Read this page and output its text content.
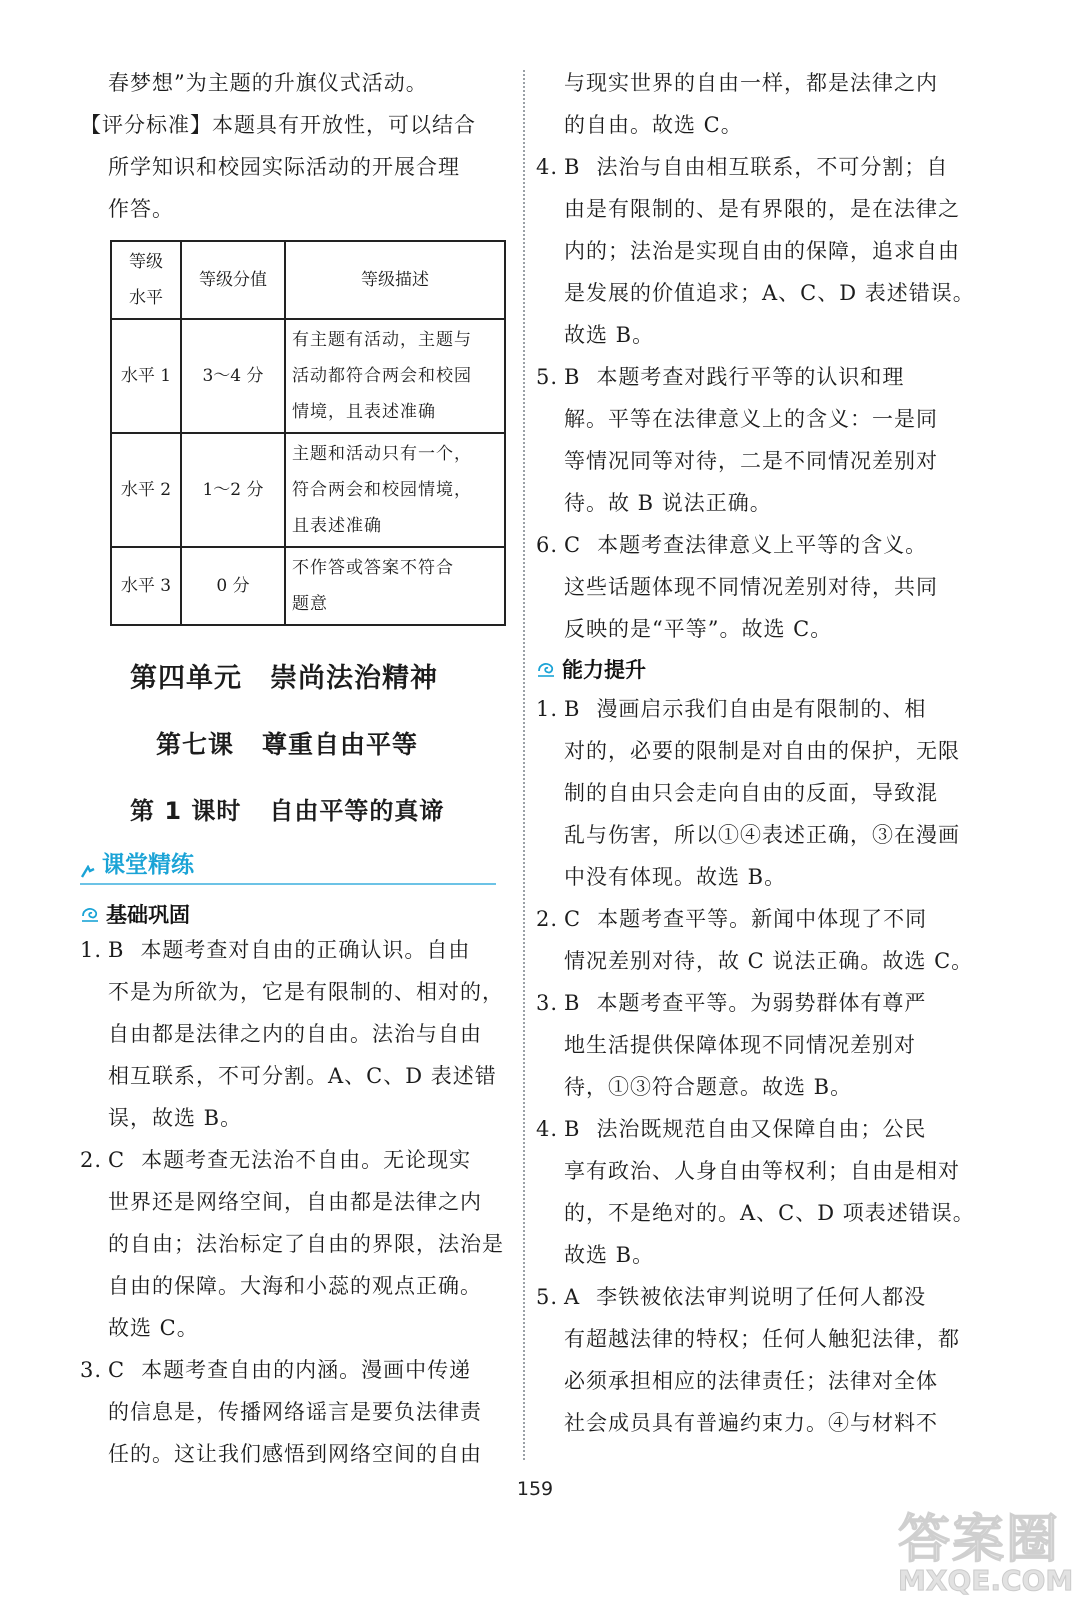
春梦想”为主题的升旗仪式活动。

【评分标准】本题具有开放性，可以结合

所学知识和校园实际活动的开展合理

作答。

等级
水平	等级分值	等级描述
水平 1	3～4 分	有主题有活动，主题与
活动都符合两会和校园
情境，且表述准确
水平 2	1～2 分	主题和活动只有一个，
符合两会和校园情境，
且表述准确
水平 3	0 分	不作答或答案不符合
题意
第四单元 崇尚法治精神
第七课 尊重自由平等
第 1 课时 自由平等的真谛
课堂精练
基础巩固

1. B 本题考查对自由的正确认识。自由

不是为所欲为，它是有限制的、相对的，

自由都是法律之内的自由。法治与自由

相互联系，不可分割。A、C、D 表述错

误，故选 B。

2. C 本题考查无法治不自由。无论现实

世界还是网络空间，自由都是法律之内

的自由；法治标定了自由的界限，法治是

自由的保障。大海和小蕊的观点正确。

故选 C。

3. C 本题考查自由的内涵。漫画中传递

的信息是，传播网络谣言是要负法律责

任的。这让我们感悟到网络空间的自由

与现实世界的自由一样，都是法律之内

的自由。故选 C。

4. B 法治与自由相互联系，不可分割；自

由是有限制的、是有界限的，是在法律之

内的；法治是实现自由的保障，追求自由

是发展的价值追求；A、C、D 表述错误。

故选 B。

5. B 本题考查对践行平等的认识和理

解。平等在法律意义上的含义：一是同

等情况同等对待，二是不同情况差别对

待。故 B 说法正确。

6. C 本题考查法律意义上平等的含义。

这些话题体现不同情况差别对待，共同

反映的是“平等”。故选 C。

能力提升

1. B 漫画启示我们自由是有限制的、相

对的，必要的限制是对自由的保护，无限

制的自由只会走向自由的反面，导致混

乱与伤害，所以①④表述正确，③在漫画

中没有体现。故选 B。

2. C 本题考查平等。新闻中体现了不同

情况差别对待，故 C 说法正确。故选 C。

3. B 本题考查平等。为弱势群体有尊严

地生活提供保障体现不同情况差别对

待，①③符合题意。故选 B。

4. B 法治既规范自由又保障自由；公民

享有政治、人身自由等权利；自由是相对

的，不是绝对的。A、C、D 项表述错误。

故选 B。

5. A 李铁被依法审判说明了任何人都没

有超越法律的特权；任何人触犯法律，都

必须承担相应的法律责任；法律对全体

社会成员具有普遍约束力。④与材料不

159
答案圈
MXQE.COM
